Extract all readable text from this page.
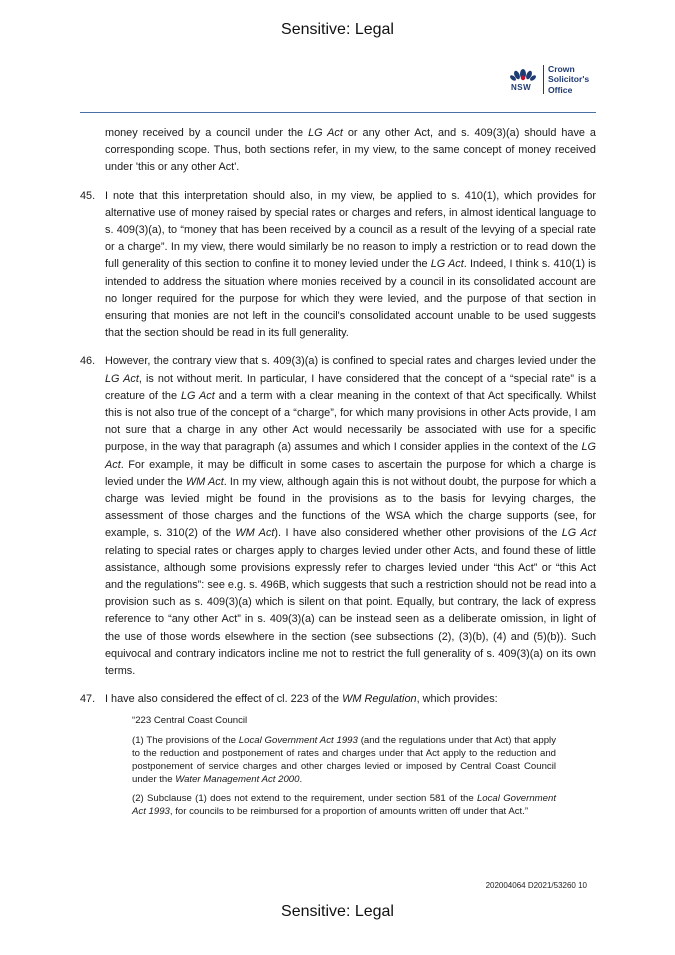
Sensitive: Legal
NSW
Crown
Solicitor's
Office

money received by a council under the LG Act or any other Act, and s. 409(3)(a) should have a corresponding scope. Thus, both sections refer, in my view, to the same concept of money received under 'this or any other Act'.

45. I note that this interpretation should also, in my view, be applied to s. 410(1), which provides for alternative use of money raised by special rates or charges and refers, in almost identical language to s. 409(3)(a), to “money that has been received by a council as a result of the levying of a special rate or a charge”. In my view, there would similarly be no reason to imply a restriction or to read down the full generality of this section to confine it to money levied under the LG Act. Indeed, I think s. 410(1) is intended to address the situation where monies received by a council in its consolidated account are no longer required for the purpose for which they were levied, and the purpose of that section in ensuring that monies are not left in the council's consolidated account unable to be used suggests that the section should be read in its full generality.
46. However, the contrary view that s. 409(3)(a) is confined to special rates and charges levied under the LG Act, is not without merit. In particular, I have considered that the concept of a “special rate” is a creature of the LG Act and a term with a clear meaning in the context of that Act specifically. Whilst this is not also true of the concept of a “charge”, for which many provisions in other Acts provide, I am not sure that a charge in any other Act would necessarily be associated with use for a specific purpose, in the way that paragraph (a) assumes and which I consider applies in the context of the LG Act. For example, it may be difficult in some cases to ascertain the purpose for which a charge is levied under the WM Act. In my view, although again this is not without doubt, the purpose for which a charge was levied might be found in the provisions as to the basis for levying charges, the assessment of those charges and the functions of the WSA which the charge supports (see, for example, s. 310(2) of the WM Act). I have also considered whether other provisions of the LG Act relating to special rates or charges apply to charges levied under other Acts, and found these of little assistance, although some provisions expressly refer to charges levied under “this Act” or “this Act and the regulations”: see e.g. s. 496B, which suggests that such a restriction should not be read into a provision such as s. 409(3)(a) which is silent on that point. Equally, but contrary, the lack of express reference to “any other Act” in s. 409(3)(a) can be instead seen as a deliberate omission, in light of the use of those words elsewhere in the section (see subsections (2), (3)(b), (4) and (5)(b)). Such equivocal and contrary indicators incline me not to restrict the full generality of s. 409(3)(a) on its own terms.
47. I have also considered the effect of cl. 223 of the WM Regulation, which provides:

“223 Central Coast Council

(1) The provisions of the Local Government Act 1993 (and the regulations under that Act) that apply to the reduction and postponement of rates and charges under that Act apply to the reduction and postponement of service charges and other charges levied or imposed by Central Coast Council under the Water Management Act 2000.

(2) Subclause (1) does not extend to the requirement, under section 581 of the Local Government Act 1993, for councils to be reimbursed for a proportion of amounts written off under that Act.”

202004064 D2021/53260 10
Sensitive: Legal
